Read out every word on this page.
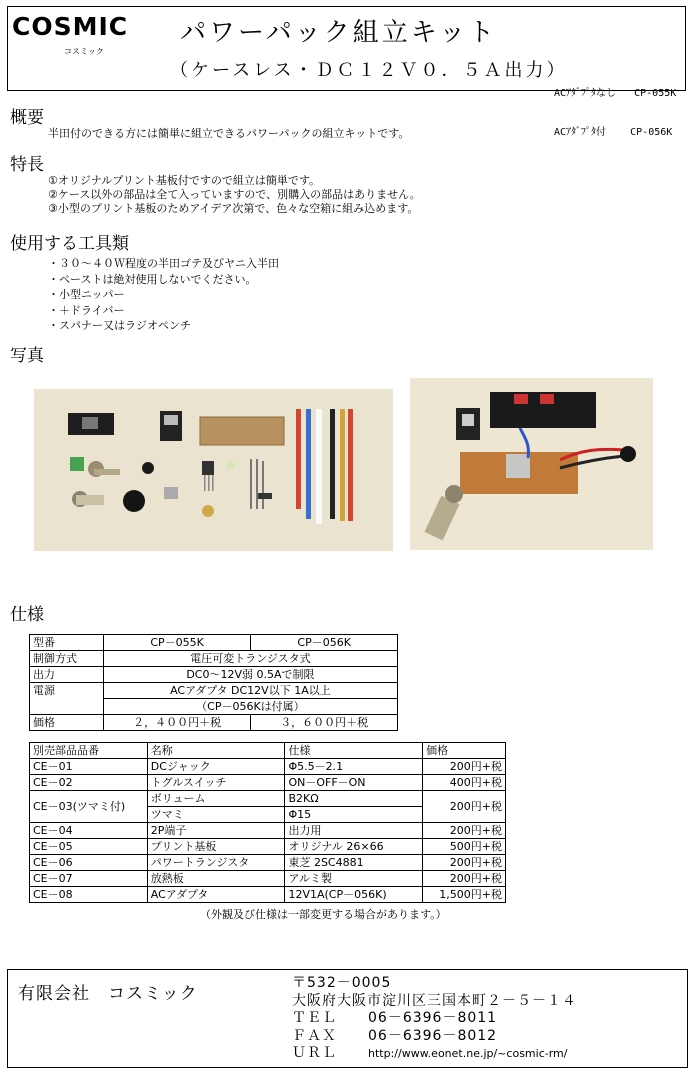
COSMIC
コスミック
パワーパック組立キット
（ケースレス・ＤＣ１２Ｖ０．５Ａ出力）

ACｱﾀﾞﾌﾟﾀなし CP-055K

ACｱﾀﾞﾌﾟﾀ付 CP-056K

概要
半田付のできる方には簡単に組立できるパワーパックの組立キットです。
特長
①オリジナルプリント基板付ですので組立は簡単です。
②ケース以外の部品は全て入っていますので、別購入の部品はありません。
③小型のプリント基板のためアイデア次第で、色々な空箱に組み込めます。
使用する工具類
・３０～４０Ｗ程度の半田ゴテ及びヤニ入半田
・ペーストは絶対使用しないでください。
・小型ニッパー
・＋ドライバー
・スパナー又はラジオペンチ
写真
仕様
型番	CP－055K	CP－056K
制御方式	電圧可変トランジスタ式	
出力	DC0～12V弱 0.5Aで制限	
電源	ACアダプタ DC12V以下 1A以上	
	（CP－056Kは付属）	
価格	２，４００円＋税	３，６００円＋税
別売部品品番	名称	仕様	価格
CE－01	DCジャック	Φ5.5－2.1	200円+税
CE－02	トグルスイッチ	ON－OFF－ON	400円+税
CE－03(ツマミ付)	ボリューム	B2KΩ	200円+税
	ツマミ	Φ15	
CE－04	2P端子	出力用	200円+税
CE－05	プリント基板	オリジナル 26×66	500円+税
CE－06	パワートランジスタ	東芝 2SC4881	200円+税
CE－07	放熱板	アルミ製	200円+税
CE－08	ACアダプタ	12V1A(CP－056K)	1,500円+税
（外観及び仕様は一部変更する場合があります。）
有限会社　コスミック
〒532－0005
大阪府大阪市淀川区三国本町２－５－１４
ＴＥＬ 06－6396－8011
ＦＡＸ 06－6396－8012
ＵＲＬ	http://www.eonet.ne.jp/~cosmic-rm/
